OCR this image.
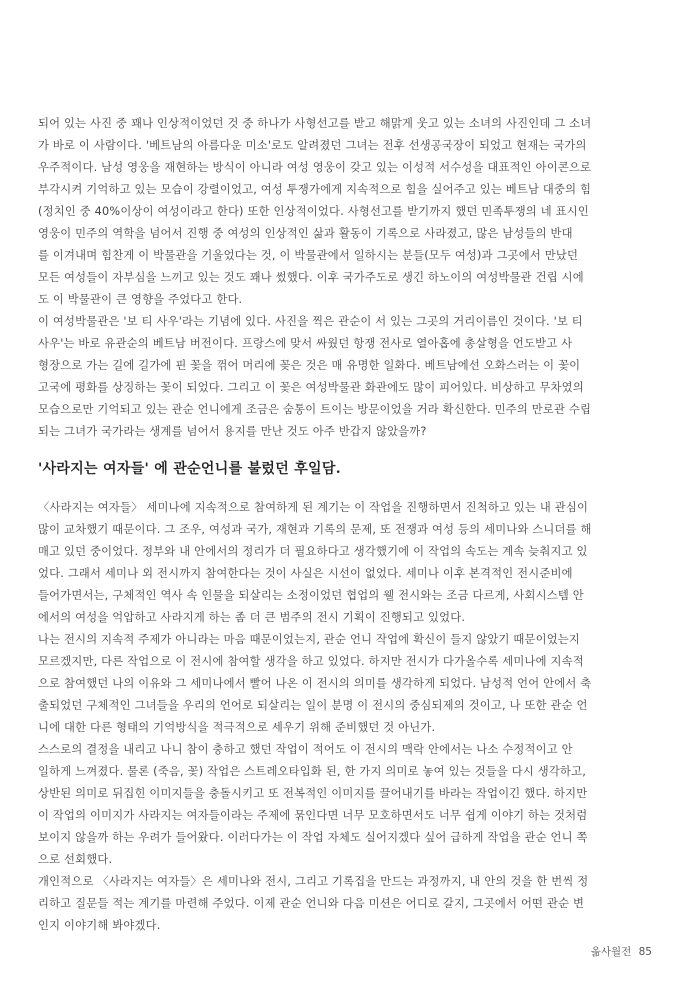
되어 있는 사진 중 꽤나 인상적이었던 것 중 하나가 사형선고를 받고 해맑게 웃고 있는 소녀의 사진인데 그 소녀
가 바로 이 사람이다. '베트남의 아름다운 미소'로도 알려졌던 그녀는 전후 선생공국장이 되었고 현재는 국가의
우주적이다. 남성 영웅을 재현하는 방식이 아니라 여성 영웅이 갖고 있는 이성적 서수성을 대표적인 아이콘으로
부각시켜 기억하고 있는 모습이 강렬이었고, 여성 투쟁가에게 지속적으로 힘을 실어주고 있는 베트남 대중의 힘
(정치인 중 40%이상이 여성이라고 한다) 또한 인상적이었다. 사형선고를 받기까지 했던 민족투쟁의 네 표시인
영웅이 민주의 역학을 넘어서 진행 중 여성의 인상적인 삶과 활동이 기록으로 사라졌고, 많은 남성들의 반대
를 이겨내며 힘찬게 이 박물관을 기울었다는 것, 이 박물관에서 일하시는 분들(모두 여성)과 그곳에서 만났던
모든 여성들이 자부심을 느끼고 있는 것도 꽤나 썼했다. 이후 국가주도로 생긴 하노이의 여성박물관 건립 시에
도 이 박물관이 큰 영향을 주었다고 한다.
이 여성박물관은 '보 티 사우'라는 기념에 있다. 사진을 찍은 관순이 서 있는 그곳의 거리이름인 것이다. '보 티
사우'는 바로 유관순의 베트남 버전이다. 프랑스에 맞서 싸웠던 항쟁 전사로 열아홉에 총살형을 언도받고 사
형장으로 가는 길에 길가에 핀 꽃을 꺾어 머리에 꽂은 것은 매 유명한 일화다. 베트남에선 오화스러는 이 꽃이
고국에 평화를 상징하는 꽃이 되었다. 그리고 이 꽃은 여성박물관 화관에도 많이 피어있다. 비상하고 무차였의
모습으로만 기억되고 있는 관순 언니에게 조금은 숨통이 트이는 방문이었을 거라 확신한다. 민주의 만로관 수립
되는 그녀가 국가라는 생계를 넘어서 용지를 만난 것도 아주 반갑지 않았을까?
'사라지는 여자들' 에 관순언니를 불렀던 후일담.
〈사라지는 여자들〉 세미나에 지속적으로 참여하게 된 계기는 이 작업을 진행하면서 진척하고 있는 내 관심이
많이 교차했기 때문이다. 그 조우, 여성과 국가, 재현과 기록의 문제, 또 전쟁과 여성 등의 세미나와 스니더를 해
매고 있던 중이었다. 정부와 내 안에서의 정리가 더 필요하다고 생각했기에 이 작업의 속도는 계속 늦춰지고 있
었다. 그래서 세미나 외 전시까지 참여한다는 것이 사실은 시선이 없었다. 세미나 이후 본격적인 전시준비에
들어가면서는, 구체적인 역사 속 인물을 되살리는 소정이었던 협업의 웰 전시와는 조금 다르게, 사회시스템 안
에서의 여성을 억압하고 사라지게 하는 좀 더 큰 범주의 전시 기획이 진행되고 있었다.
나는 전시의 지속적 주제가 아니라는 마음 때문이었는지, 관순 언니 작업에 확신이 들지 않았기 때문이었는지
모르겠지만, 다른 작업으로 이 전시에 참여할 생각을 하고 있었다. 하지만 전시가 다가올수록 세미나에 지속적
으로 참여했던 나의 이유와 그 세미나에서 빨어 나온 이 전시의 의미를 생각하게 되었다. 남성적 언어 안에서 축
출되었던 구체적인 그녀들을 우리의 언어로 되살리는 일이 분명 이 전시의 중심되제의 것이고, 나 또한 관순 언
니에 대한 다른 형태의 기억방식을 적극적으로 세우기 위해 준비했던 것 아닌가.
스스로의 결정을 내리고 나니 참이 충하고 했던 작업이 적어도 이 전시의 맥락 안에서는 나소 수정적이고 안
일하게 느껴졌다. 물론 (죽음, 꽃) 작업은 스트레오타입화 된, 한 가지 의미로 놓여 있는 것들을 다시 생각하고,
상반된 의미로 뒤집힌 이미지들을 충돌시키고 또 전복적인 이미지를 끌어내기를 바라는 작업이긴 했다. 하지만
이 작업의 이미지가 사라지는 여자들이라는 주제에 묶인다면 너무 모호하면서도 너무 쉽게 이야기 하는 것처럼
보이지 않을까 하는 우려가 들어왔다. 이러다가는 이 작업 자체도 실어지겠다 싶어 급하게 작업을 관순 언니 쪽
으로 선회했다.
개인적으로 〈사라지는 여자들〉은 세미나와 전시, 그리고 기록집을 만드는 과정까지, 내 안의 것을 한 번씩 정
리하고 질문들 적는 계기를 마련해 주었다. 이제 관순 언니와 다음 미션은 어디로 갈지, 그곳에서 어떤 관순 변
인지 이야기해 봐야겠다.
옮사월전 85
